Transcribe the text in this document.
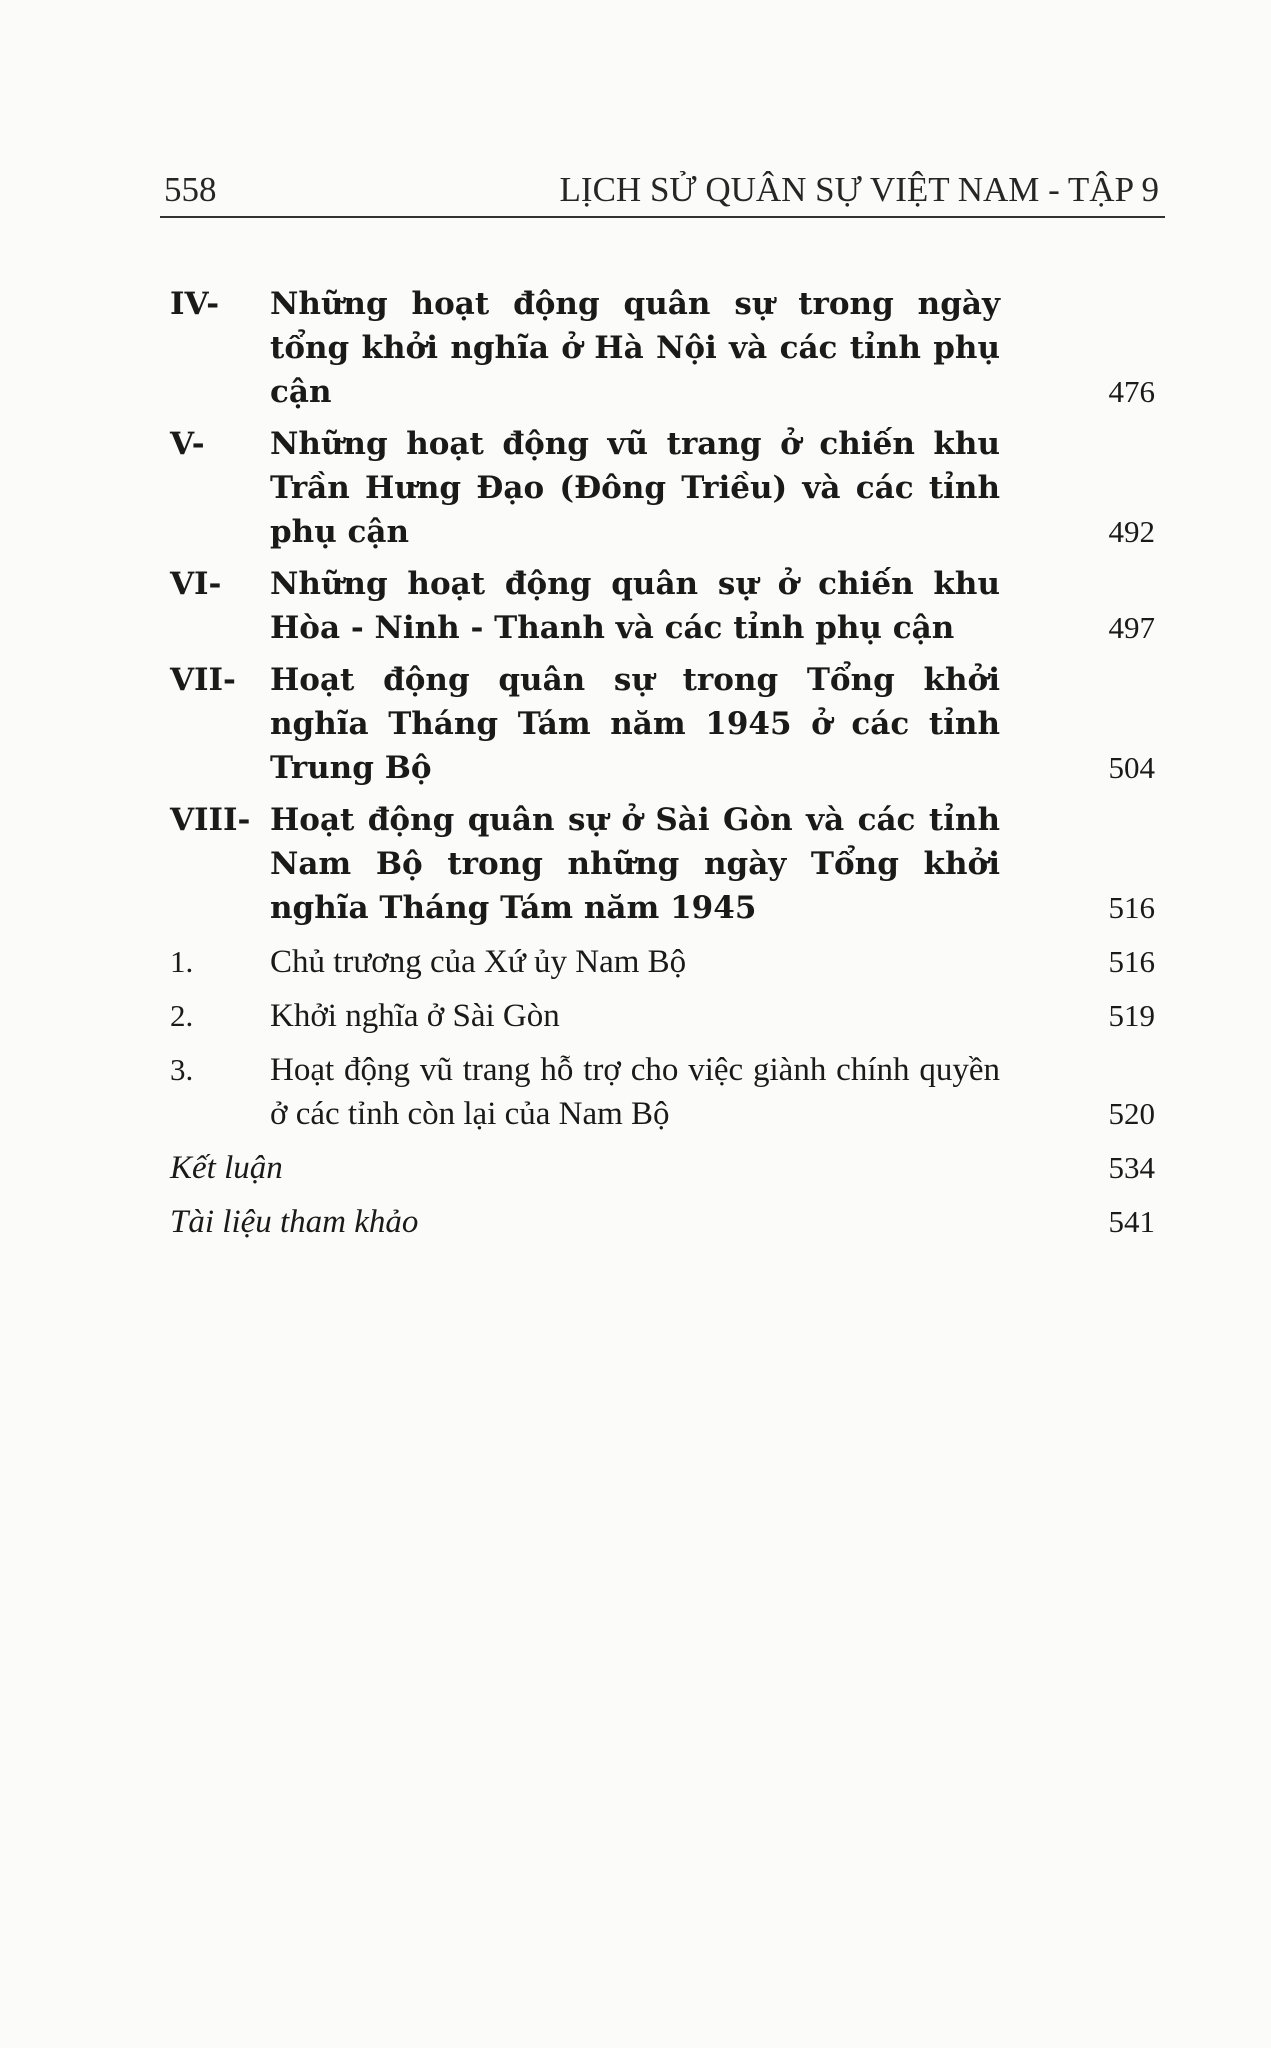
558	LỊCH SỬ QUÂN SỰ VIỆT NAM - TẬP 9
IV- Những hoạt động quân sự trong ngày tổng khởi nghĩa ở Hà Nội và các tỉnh phụ cận	476
V- Những hoạt động vũ trang ở chiến khu Trần Hưng Đạo (Đông Triều) và các tỉnh phụ cận	492
VI- Những hoạt động quân sự ở chiến khu Hòa - Ninh - Thanh và các tỉnh phụ cận	497
VII- Hoạt động quân sự trong Tổng khởi nghĩa Tháng Tám năm 1945 ở các tỉnh Trung Bộ	504
VIII- Hoạt động quân sự ở Sài Gòn và các tỉnh Nam Bộ trong những ngày Tổng khởi nghĩa Tháng Tám năm 1945	516
1. Chủ trương của Xứ ủy Nam Bộ	516
2. Khởi nghĩa ở Sài Gòn	519
3. Hoạt động vũ trang hỗ trợ cho việc giành chính quyền ở các tỉnh còn lại của Nam Bộ	520
Kết luận	534
Tài liệu tham khảo	541
